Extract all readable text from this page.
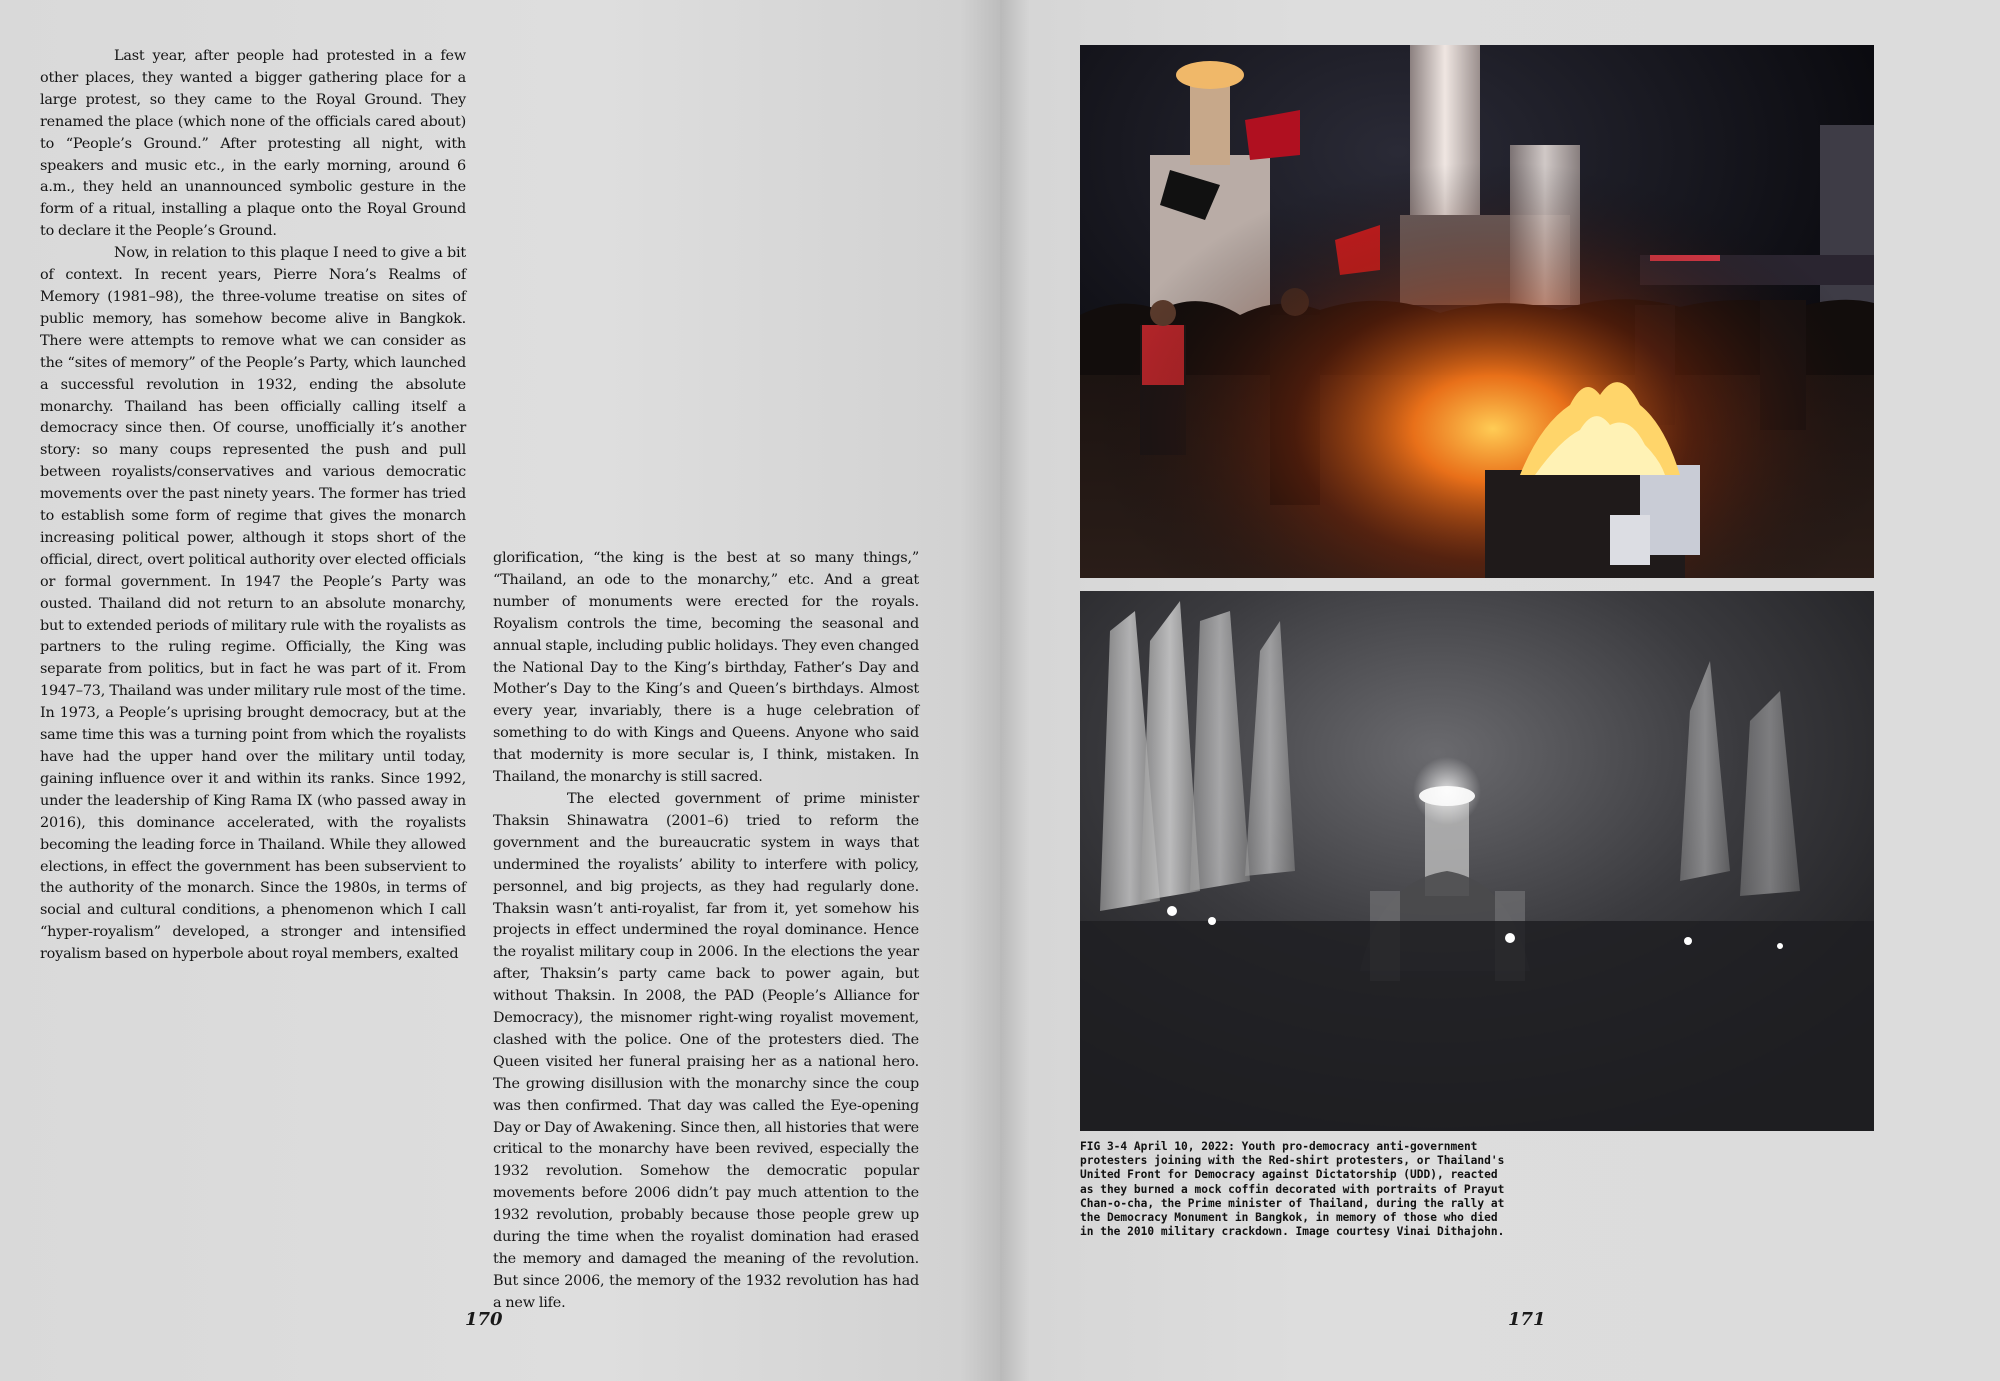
Last year, after people had protested in a few other places, they wanted a bigger gathering place for a large protest, so they came to the Royal Ground. They renamed the place (which none of the officials cared about) to “People’s Ground.” After protesting all night, with speakers and music etc., in the early morning, around 6 a.m., they held an unannounced symbolic gesture in the form of a ritual, installing a plaque onto the Royal Ground to declare it the People’s Ground.

Now, in relation to this plaque I need to give a bit of context. In recent years, Pierre Nora’s Realms of Memory (1981–98), the three-volume treatise on sites of public memory, has somehow become alive in Bangkok. There were attempts to remove what we can consider as the “sites of memory” of the People’s Party, which launched a successful revolution in 1932, ending the absolute monarchy. Thailand has been officially calling itself a democracy since then. Of course, unofficially it’s another story: so many coups represented the push and pull between royalists/conservatives and various democratic movements over the past ninety years. The former has tried to establish some form of regime that gives the monarch increasing political power, although it stops short of the official, direct, overt political authority over elected officials or formal government. In 1947 the People’s Party was ousted. Thailand did not return to an absolute monarchy, but to extended periods of military rule with the royalists as partners to the ruling regime. Officially, the King was separate from politics, but in fact he was part of it. From 1947–73, Thailand was under military rule most of the time. In 1973, a People’s uprising brought democracy, but at the same time this was a turning point from which the royalists have had the upper hand over the military until today, gaining influence over it and within its ranks. Since 1992, under the leadership of King Rama IX (who passed away in 2016), this dominance accelerated, with the royalists becoming the leading force in Thailand. While they allowed elections, in effect the government has been subservient to the authority of the monarch. Since the 1980s, in terms of social and cultural conditions, a phenomenon which I call “hyper-royalism” developed, a stronger and intensified royalism based on hyperbole about royal members, exalted

glorification, “the king is the best at so many things,” “Thailand, an ode to the monarchy,” etc. And a great number of monuments were erected for the royals. Royalism controls the time, becoming the seasonal and annual staple, including public holidays. They even changed the National Day to the King’s birthday, Father’s Day and Mother’s Day to the King’s and Queen’s birthdays. Almost every year, invariably, there is a huge celebration of something to do with Kings and Queens. Anyone who said that modernity is more secular is, I think, mistaken. In Thailand, the monarchy is still sacred.

The elected government of prime minister Thaksin Shinawatra (2001–6) tried to reform the government and the bureaucratic system in ways that undermined the royalists’ ability to interfere with policy, personnel, and big projects, as they had regularly done. Thaksin wasn’t anti-royalist, far from it, yet somehow his projects in effect undermined the royal dominance. Hence the royalist military coup in 2006. In the elections the year after, Thaksin’s party came back to power again, but without Thaksin. In 2008, the PAD (People’s Alliance for Democracy), the misnomer right-wing royalist movement, clashed with the police. One of the protesters died. The Queen visited her funeral praising her as a national hero. The growing disillusion with the monarchy since the coup was then confirmed. That day was called the Eye-opening Day or Day of Awakening. Since then, all histories that were critical to the monarchy have been revived, especially the 1932 revolution. Somehow the democratic popular movements before 2006 didn’t pay much attention to the 1932 revolution, probably because those people grew up during the time when the royalist domination had erased the memory and damaged the meaning of the revolution. But since 2006, the memory of the 1932 revolution has had a new life.

170
FIG 3-4 April 10, 2022: Youth pro-democracy anti-government protesters joining with the Red-shirt protesters, or Thailand's United Front for Democracy against Dictatorship (UDD), reacted as they burned a mock coffin decorated with portraits of Prayut Chan-o-cha, the Prime minister of Thailand, during the rally at the Democracy Monument in Bangkok, in memory of those who died in the 2010 military crackdown. Image courtesy Vinai Dithajohn.
171
